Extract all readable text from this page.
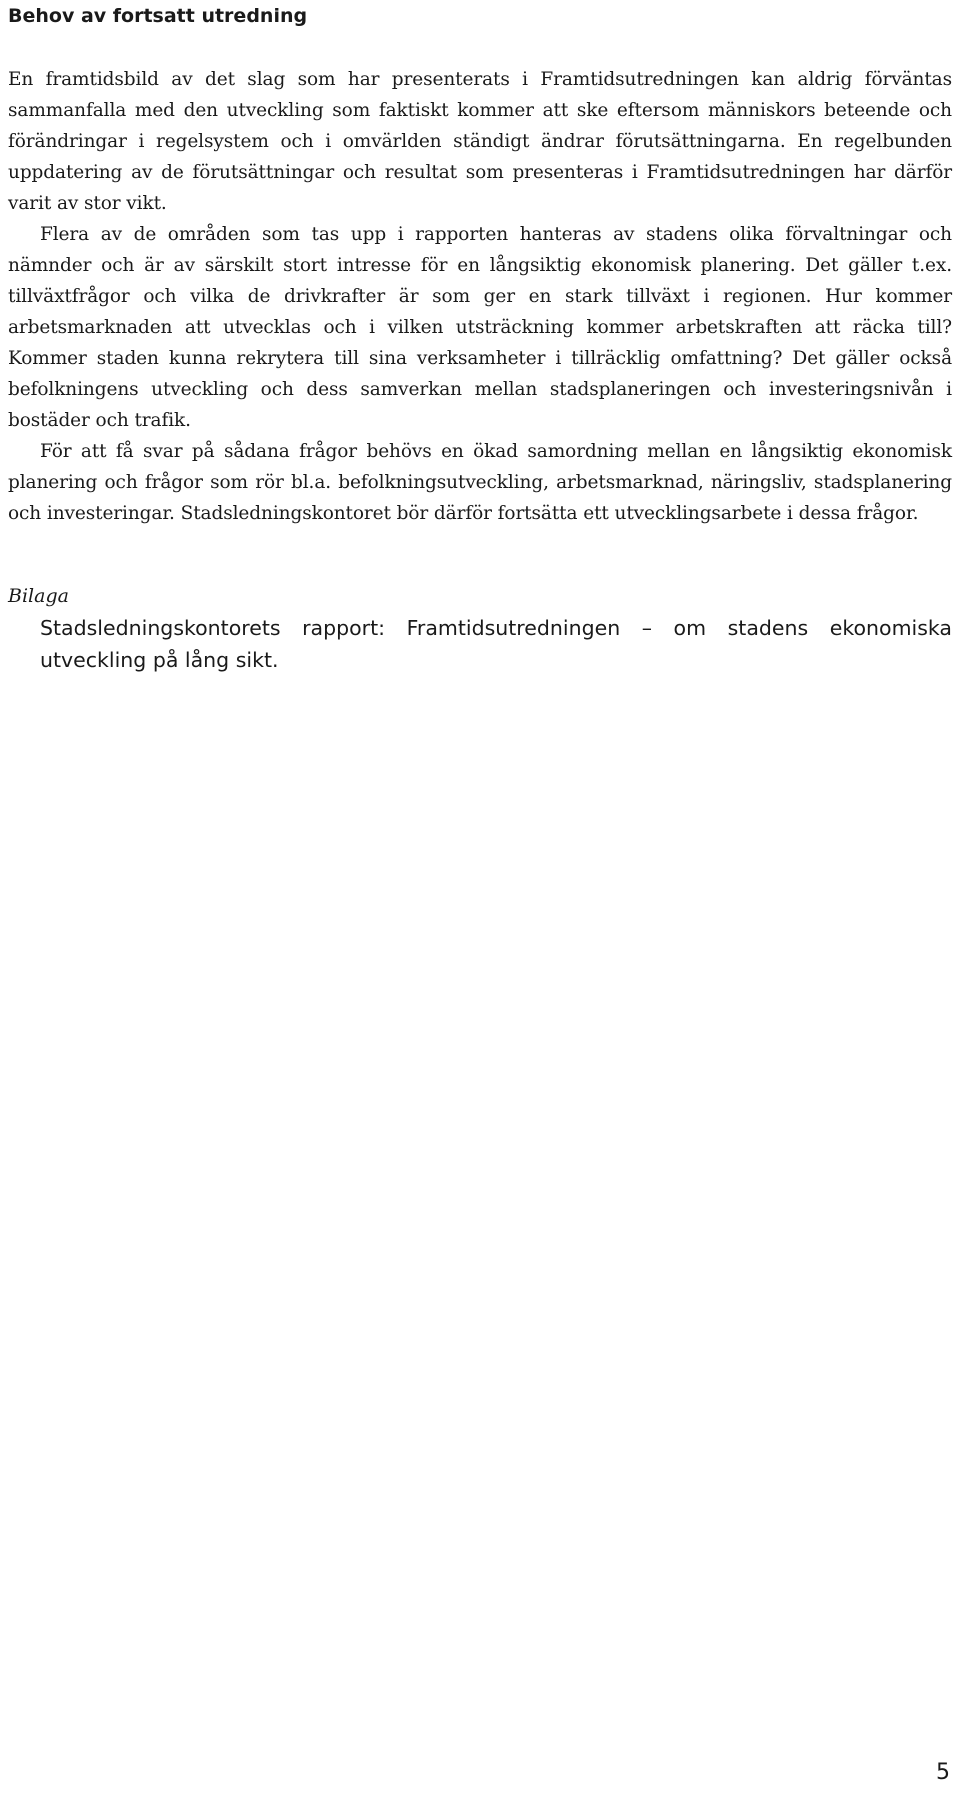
Behov av fortsatt utredning

En framtidsbild av det slag som har presenterats i Framtidsutredningen kan aldrig förväntas sammanfalla med den utveckling som faktiskt kommer att ske eftersom människors beteende och förändringar i regelsystem och i omvärlden ständigt ändrar förutsättningarna. En regelbunden uppdatering av de förutsättningar och resultat som presenteras i Framtidsutredningen har därför varit av stor vikt.

Flera av de områden som tas upp i rapporten hanteras av stadens olika förvaltningar och nämnder och är av särskilt stort intresse för en långsiktig ekonomisk planering. Det gäller t.ex. tillväxtfrågor och vilka de drivkrafter är som ger en stark tillväxt i regionen. Hur kommer arbetsmarknaden att utvecklas och i vilken utsträckning kommer arbetskraften att räcka till? Kommer staden kunna rekrytera till sina verksamheter i tillräcklig omfattning? Det gäller också befolkningens utveckling och dess samverkan mellan stadsplaneringen och investeringsnivån i bostäder och trafik.

För att få svar på sådana frågor behövs en ökad samordning mellan en långsiktig ekonomisk planering och frågor som rör bl.a. befolkningsutveckling, arbetsmarknad, näringsliv, stadsplanering och investeringar. Stadsledningskontoret bör därför fortsätta ett utvecklingsarbete i dessa frågor.

Bilaga
Stadsledningskontorets rapport: Framtidsutredningen – om stadens ekonomiska utveckling på lång sikt.
5
